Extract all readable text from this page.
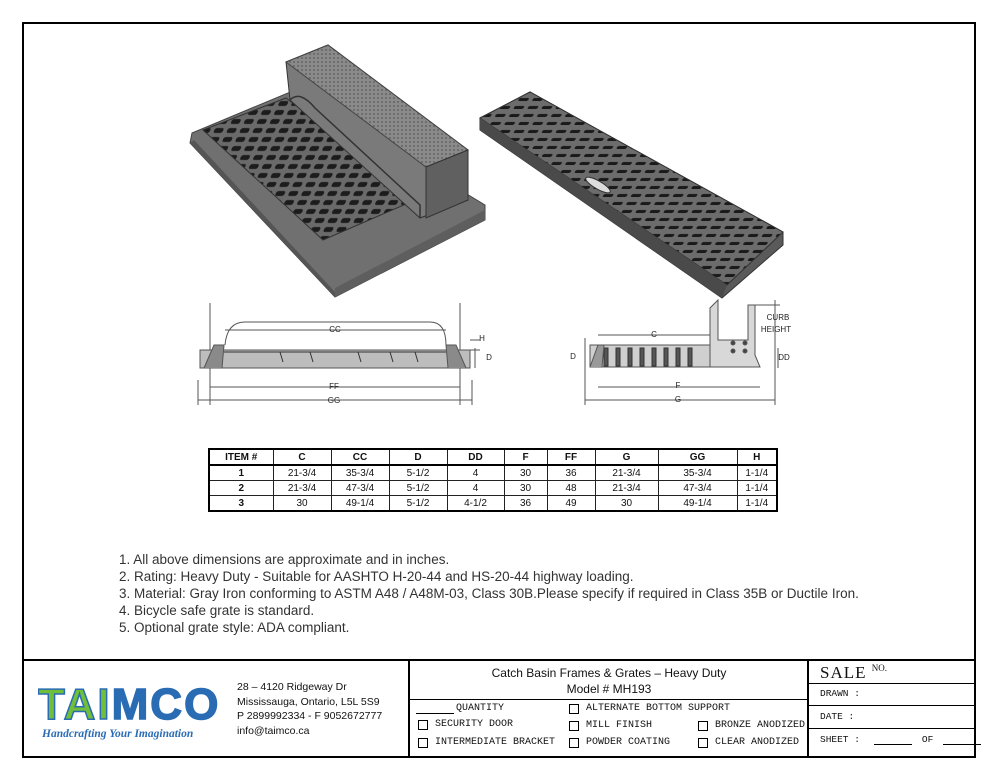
CC
H
D
FF
GG
C
D	DD
F
G
CURB
HEIGHT
ITEM #	C	CC	D	DD	F	FF	G	GG	H
1	21-3/4	35-3/4	5-1/2	4	30	36	21-3/4	35-3/4	1-1/4
2	21-3/4	47-3/4	5-1/2	4	30	48	21-3/4	47-3/4	1-1/4
3	30	49-1/4	5-1/2	4-1/2	36	49	30	49-1/4	1-1/4
1. All above dimensions are approximate and in inches.
2. Rating: Heavy Duty - Suitable for AASHTO H-20-44 and HS-20-44 highway loading.
3. Material: Gray Iron conforming to ASTM A48 / A48M-03, Class 30B.Please specify if required in Class 35B or Ductile Iron.
4. Bicycle safe grate is standard.
5. Optional grate style: ADA compliant.
TAIMCO
Handcrafting Your Imagination
28 – 4120 Ridgeway Dr
Mississauga, Ontario, L5L 5S9
P 2899992334 - F 9052672777
info@taimco.ca
Catch Basin Frames & Grates – Heavy Duty
Model # MH193
QUANTITY
SECURITY DOOR
INTERMEDIATE BRACKET
ALTERNATE BOTTOM SUPPORT
MILL FINISH
POWDER COATING
BRONZE ANODIZED
CLEAR ANODIZED
SALE $^{NO.}$
DRAWN :
DATE :
SHEET :	OF
